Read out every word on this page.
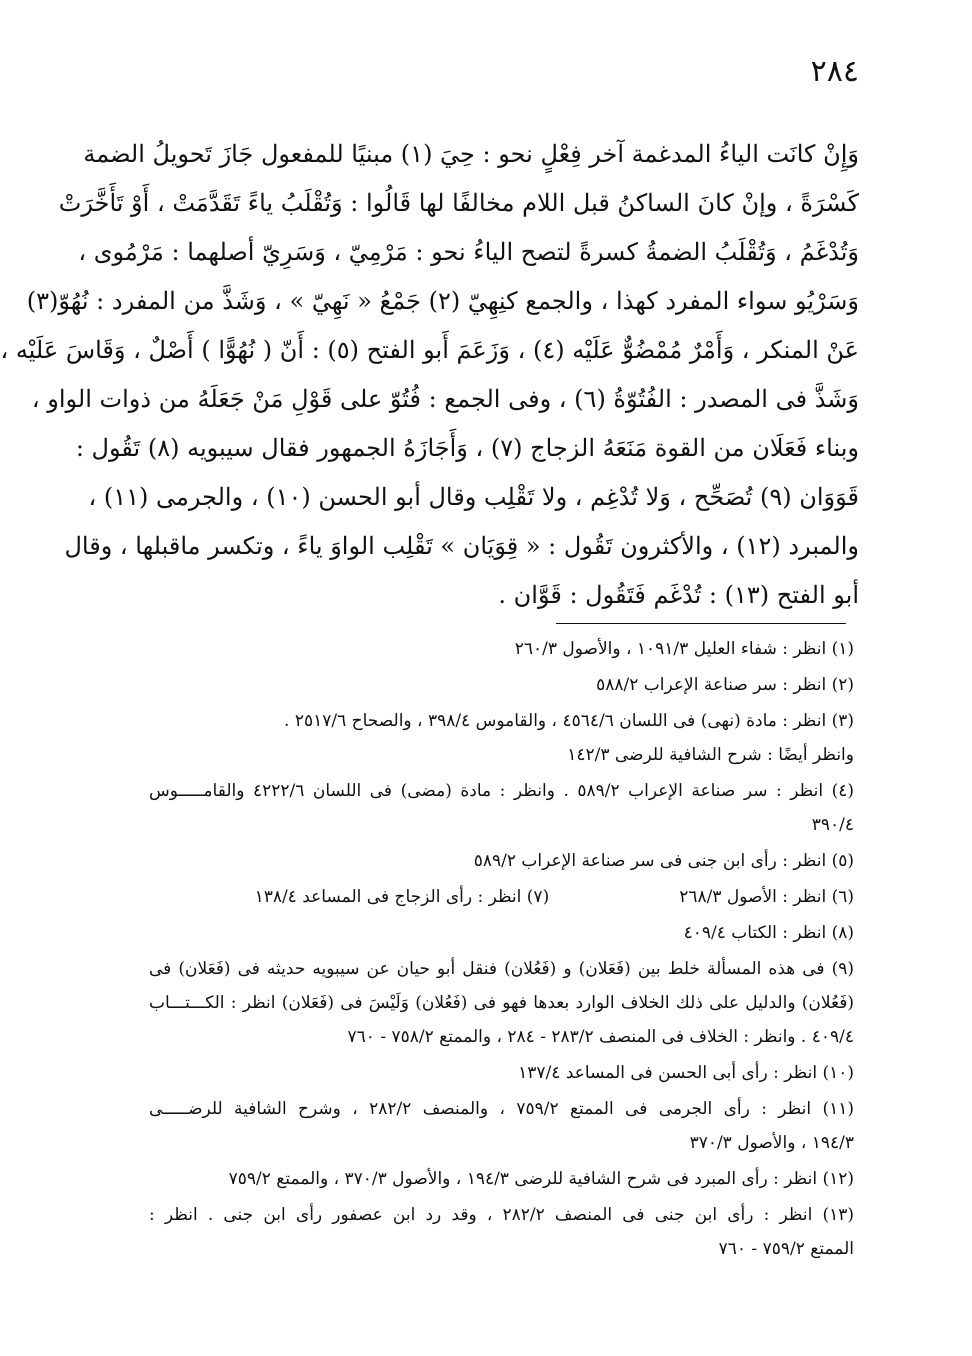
٢٨٤
وَإِنْ كانَت الياءُ المدغمة آخر فِعْلٍ نحو : حِيَ (١) مبنيًا للمفعول جَازَ تَحويلُ الضمة
كَسْرَةً ، وإنْ كانَ الساكنُ قبل اللام مخالفًا لها قَالُوا : وَتُقْلَبُ ياءً تَقَدَّمَتْ ، أَوْ تَأَخَّرَتْ
وَتُدْغَمُ ، وَتُقْلَبُ الضمةُ كسرةً لتصح الياءُ نحو : مَرْمِيّ ، وَسَرِيّ أصلهما : مَرْمُوى ،
وَسَرْيُو سواء المفرد كهذا ، والجمع كنِهِيّ (٢) جَمْعُ « نَهِيّ » ، وَشَذَّ من المفرد : نُهُوّ(٣)
عَنْ المنكر ، وَأَمْرٌ مُمْضُوٌّ عَلَيْه (٤) ، وَزَعَمَ أَبو الفتح (٥) : أَنّ ( نُهُوًّا ) أَصْلٌ ، وَقَاسَ عَلَيْه ،
وَشَذَّ فى المصدر : الفُتُوّةُ (٦) ، وفى الجمع : فُتُوّ على قَوْلِ مَنْ جَعَلَهُ من ذوات الواو ،
وبناء فَعَلَان من القوة مَنَعَهُ الزجاج (٧) ، وَأَجَازَهُ الجمهور فقال سيبويه (٨) تَقُول :
قَوَوَان (٩) تُصَحِّح ، وَلا تُدْغِم ، ولا تَقْلِب وقال أبو الحسن (١٠) ، والجرمى (١١) ،
والمبرد (١٢) ، والأكثرون تَقُول : « قِوَيَان » تَقْلِب الواوَ ياءً ، وتكسر ماقبلها ، وقال
أبو الفتح (١٣) : تُدْغَم فَتَقُول : قَوَّان .
(١) انظر : شفاء العليل ١٠٩١/٣ ، والأصول ٢٦٠/٣
(٢) انظر : سر صناعة الإعراب ٥٨٨/٢
(٣) انظر : مادة (نهى) فى اللسان ٤٥٦٤/٦ ، والقاموس ٣٩٨/٤ ، والصحاح ٢٥١٧/٦ .
وانظر أيضًا : شرح الشافية للرضى ١٤٢/٣
(٤) انظر : سر صناعة الإعراب ٥٨٩/٢ . وانظر : مادة (مضى) فى اللسان ٤٢٢٢/٦ والقامـــــوس
٣٩٠/٤
(٥) انظر : رأى ابن جنى فى سر صناعة الإعراب ٥٨٩/٢
(٦) انظر : الأصول ٢٦٨/٣
(٧) انظر : رأى الزجاج فى المساعد ١٣٨/٤
(٨) انظر : الكتاب ٤٠٩/٤
(٩) فى هذه المسألة خلط بين (فَعَلان) و (فَعُلان) فنقل أبو حيان عن سيبويه حديثه فى (فَعَلان) فى
(فَعُلان) والدليل على ذلك الخلاف الوارد بعدها فهو فى (فَعُلان) وَلَيْسَ فى (فَعَلان) انظر : الكـــتـــاب
٤٠٩/٤ . وانظر : الخلاف فى المنصف ٢٨٣/٢ - ٢٨٤ ، والممتع ٧٥٨/٢ - ٧٦٠
(١٠) انظر : رأى أبى الحسن فى المساعد ١٣٧/٤
(١١) انظر : رأى الجرمى فى الممتع ٧٥٩/٢ ، والمنصف ٢٨٢/٢ ، وشرح الشافية للرضـــــى
١٩٤/٣ ، والأصول ٣٧٠/٣
(١٢) انظر : رأى المبرد فى شرح الشافية للرضى ١٩٤/٣ ، والأصول ٣٧٠/٣ ، والممتع ٧٥٩/٢
(١٣) انظر : رأى ابن جنى فى المنصف ٢٨٢/٢ ، وقد رد ابن عصفور رأى ابن جنى . انظر :
الممتع ٧٥٩/٢ - ٧٦٠
